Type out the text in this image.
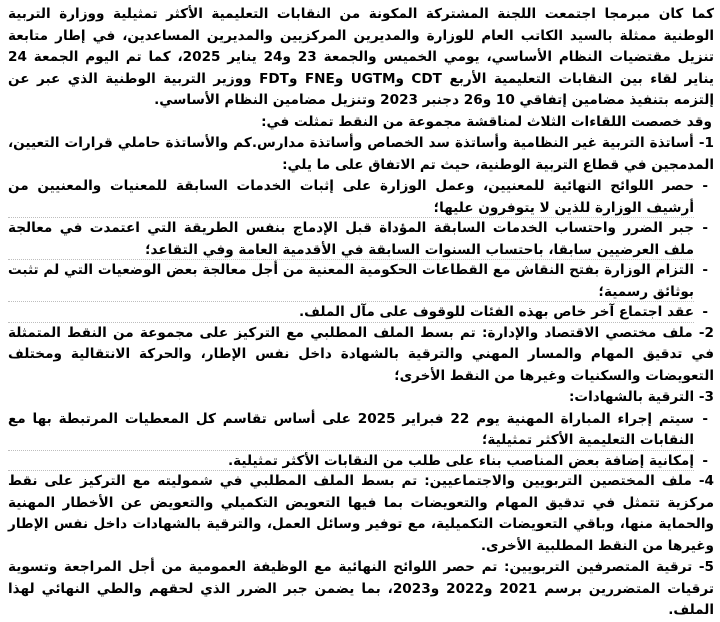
كما كان مبرمجا اجتمعت اللجنة المشتركة المكونة من النقابات التعليمية الأكثر تمثيلية ووزارة التربية الوطنية ممثلة بالسيد الكاتب العام للوزارة والمديرين المركزيين والمديرين المساعدين، في إطار متابعة تنزيل مقتضيات النظام الأساسي، يومي الخميس والجمعة 23 و24 يناير 2025، كما تم اليوم الجمعة 24 يناير لقاء بين النقابات التعليمية الأربع CDT وUGTM وFNE وFDT ووزير التربية الوطنية الذي عبر عن إلتزمه بتنفيذ مضامين إتفاقي 10 و26 دجنبر 2023 وتنزيل مضامين النظام الأساسي.

وقد خصصت اللقاءات الثلاث لمناقشة مجموعة من النقط تمثلت في:

1- أساتذة التربية غير النظامية وأساتذة سد الخصاص وأساتذة مدارس.كم والأساتذة حاملي قرارات التعيين، المدمجين في قطاع التربية الوطنية، حيث تم الاتفاق على ما يلي:

- حصر اللوائح النهائية للمعنيين، وعمل الوزارة على إثبات الخدمات السابقة للمعنيات والمعنيين من أرشيف الوزارة للذين لا يتوفرون عليها؛
- جبر الضرر واحتساب الخدمات السابقة المؤداة قبل الإدماج بنفس الطريقة التي اعتمدت في معالجة ملف العرضيين سابقا، باحتساب السنوات السابقة في الأقدمية العامة وفي التقاعد؛
- التزام الوزارة بفتح النقاش مع القطاعات الحكومية المعنية من أجل معالجة بعض الوضعيات التي لم تثبت بوثائق رسمية؛
- عقد اجتماع آخر خاص بهذه الفئات للوقوف على مآل الملف.

2- ملف مختصي الاقتصاد والإدارة: تم بسط الملف المطلبي مع التركيز على مجموعة من النقط المتمثلة في تدقيق المهام والمسار المهني والترقية بالشهادة داخل نفس الإطار، والحركة الانتقالية ومختلف التعويضات والسكنيات وغيرها من النقط الأخرى؛

3- الترقية بالشهادات:

- سيتم إجراء المباراة المهنية يوم 22 فبراير 2025 على أساس تقاسم كل المعطيات المرتبطة بها مع النقابات التعليمية الأكثر تمثيلية؛
- إمكانية إضافة بعض المناصب بناء على طلب من النقابات الأكثر تمثيلية.

4- ملف المختصين التربويين والاجتماعيين: تم بسط الملف المطلبي في شموليته مع التركيز على نقط مركزية تتمثل في تدقيق المهام والتعويضات بما فيها التعويض التكميلي والتعويض عن الأخطار المهنية والحماية منها، وباقي التعويضات التكميلية، مع توفير وسائل العمل، والترقية بالشهادات داخل نفس الإطار وغيرها من النقط المطلبية الأخرى.

5- ترقية المتصرفين التربويين: تم حصر اللوائح النهائية مع الوظيفة العمومية من أجل المراجعة وتسوية ترقيات المتضررين برسم 2021 و2022 و2023، بما يضمن جبر الضرر الذي لحقهم والطي النهائي لهذا الملف.
